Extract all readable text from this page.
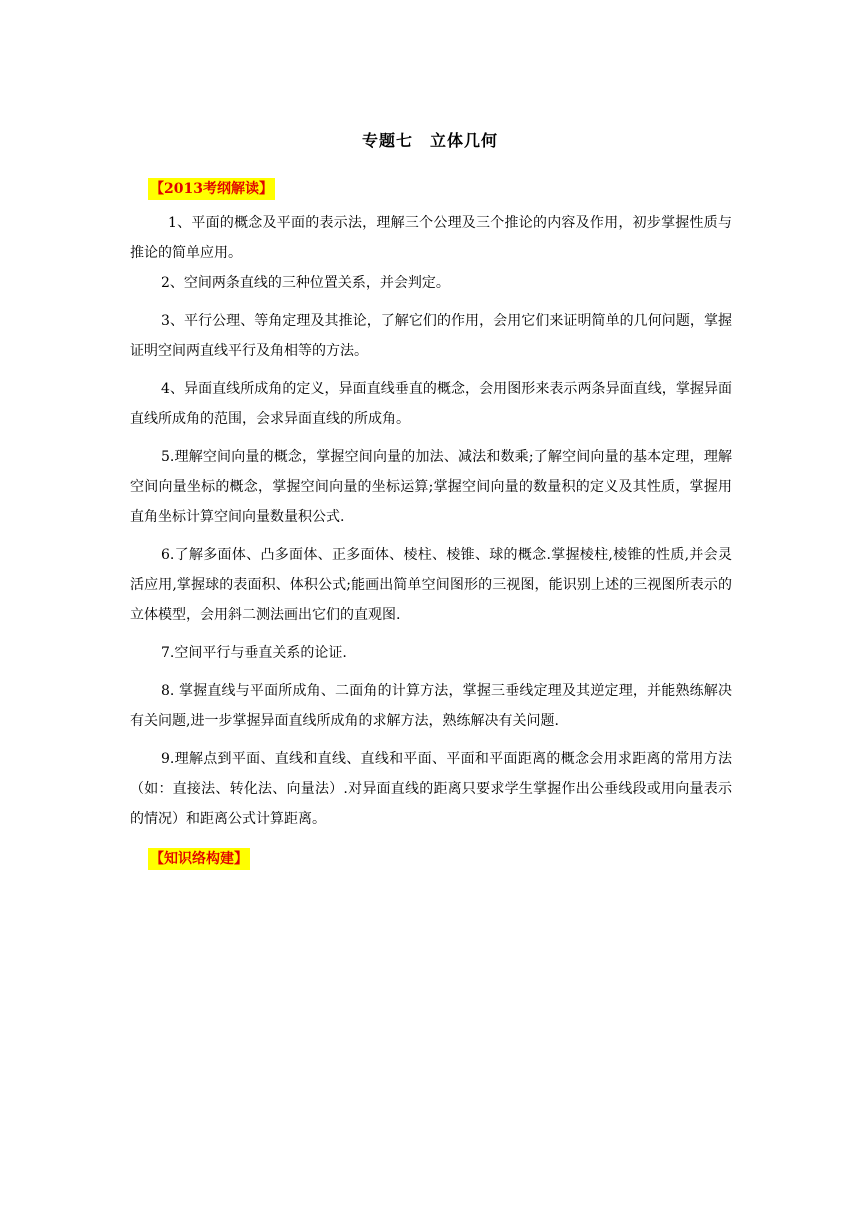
专题七　立体几何
【2013考纲解读】
1、平面的概念及平面的表示法，理解三个公理及三个推论的内容及作用，初步掌握性质与推论的简单应用。
2、空间两条直线的三种位置关系，并会判定。
3、平行公理、等角定理及其推论，了解它们的作用，会用它们来证明简单的几何问题，掌握证明空间两直线平行及角相等的方法。
4、异面直线所成角的定义，异面直线垂直的概念，会用图形来表示两条异面直线，掌握异面直线所成角的范围，会求异面直线的所成角。
5.理解空间向量的概念，掌握空间向量的加法、减法和数乘;了解空间向量的基本定理，理解空间向量坐标的概念，掌握空间向量的坐标运算;掌握空间向量的数量积的定义及其性质，掌握用直角坐标计算空间向量数量积公式.
6.了解多面体、凸多面体、正多面体、棱柱、棱锥、球的概念.掌握棱柱,棱锥的性质,并会灵活应用,掌握球的表面积、体积公式;能画出简单空间图形的三视图，能识别上述的三视图所表示的立体模型，会用斜二测法画出它们的直观图.
7.空间平行与垂直关系的论证.
8. 掌握直线与平面所成角、二面角的计算方法，掌握三垂线定理及其逆定理，并能熟练解决有关问题,进一步掌握异面直线所成角的求解方法，熟练解决有关问题.
9.理解点到平面、直线和直线、直线和平面、平面和平面距离的概念会用求距离的常用方法（如：直接法、转化法、向量法）.对异面直线的距离只要求学生掌握作出公垂线段或用向量表示的情况）和距离公式计算距离。
【知识络构建】
